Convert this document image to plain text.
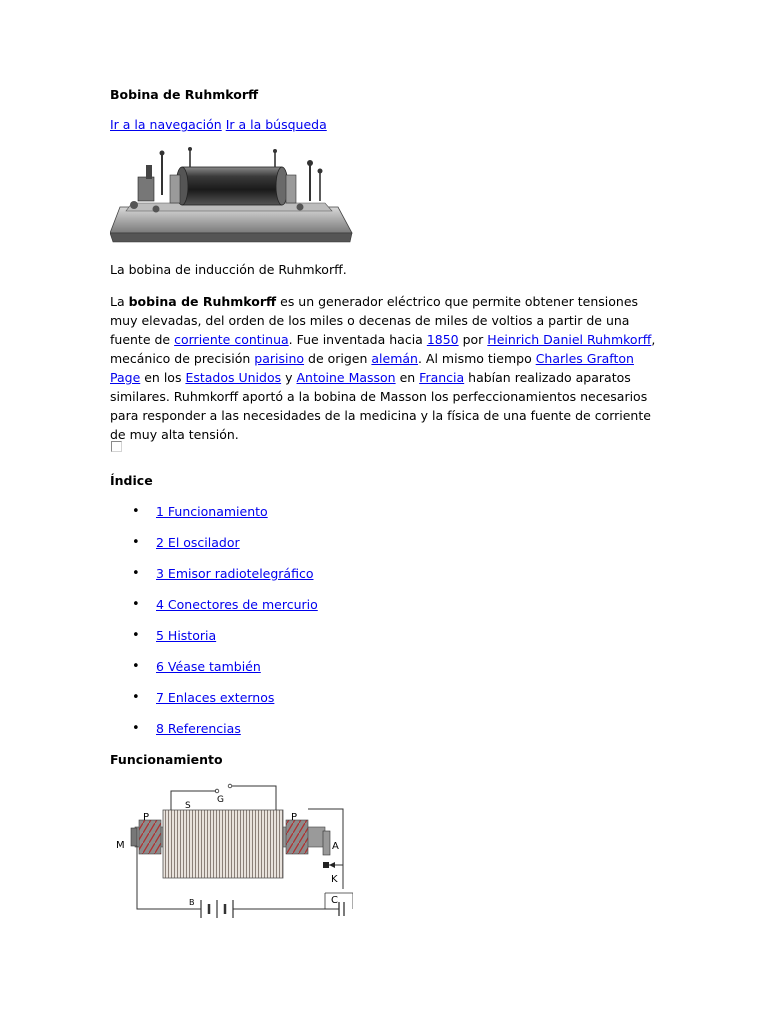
Bobina de Ruhmkorff
Ir a la navegación Ir a la búsqueda
La bobina de inducción de Ruhmkorff.

La bobina de Ruhmkorff es un generador eléctrico que permite obtener tensiones muy elevadas, del orden de los miles o decenas de miles de voltios a partir de una fuente de corriente continua. Fue inventada hacia 1850 por Heinrich Daniel Ruhmkorff, mecánico de precisión parisino de origen alemán. Al mismo tiempo Charles Grafton Page en los Estados Unidos y Antoine Masson en Francia habían realizado aparatos similares. Ruhmkorff aportó a la bobina de Masson los perfeccionamientos necesarios para responder a las necesidades de la medicina y la física de una fuente de corriente de muy alta tensión.

Índice
• 1 Funcionamiento
• 2 El oscilador
• 3 Emisor radiotelegráfico
• 4 Conectores de mercurio
• 5 Historia
• 6 Véase también
• 7 Enlaces externos
• 8 Referencias
Funcionamiento
P	P
S
G
M	A
K
C
B
